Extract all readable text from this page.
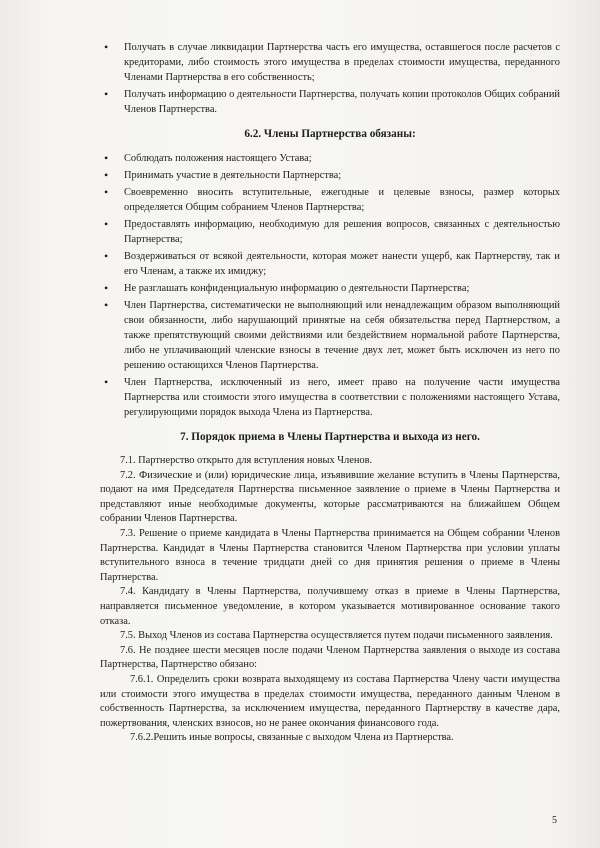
• Получать в случае ликвидации Партнерства часть его имущества, оставшегося после расчетов с кредиторами, либо стоимость этого имущества в пределах стоимости имущества, переданного Членами Партнерства в его собственность;
• Получать информацию о деятельности Партнерства, получать копии протоколов Общих собраний Членов Партнерства.
6.2. Члены Партнерства обязаны:
• Соблюдать положения настоящего Устава;
• Принимать участие в деятельности Партнерства;
• Своевременно вносить вступительные, ежегодные и целевые взносы, размер которых определяется Общим собранием Членов Партнерства;
• Предоставлять информацию, необходимую для решения вопросов, связанных с деятельностью Партнерства;
• Воздерживаться от всякой деятельности, которая может нанести ущерб, как Партнерству, так и его Членам, а также их имиджу;
• Не разглашать конфиденциальную информацию о деятельности Партнерства;
• Член Партнерства, систематически не выполняющий или ненадлежащим образом выполняющий свои обязанности, либо нарушающий принятые на себя обязательства перед Партнерством, а также препятствующий своими действиями или бездействием нормальной работе Партнерства, либо не уплачивающий членские взносы в течение двух лет, может быть исключен из него по решению остающихся Членов Партнерства.
• Член Партнерства, исключенный из него, имеет право на получение части имущества Партнерства или стоимости этого имущества в соответствии с положениями настоящего Устава, регулирующими порядок выхода Члена из Партнерства.
7. Порядок приема в Члены Партнерства и выхода из него.

7.1. Партнерство открыто для вступления новых Членов.

7.2. Физические и (или) юридические лица, изъявившие желание вступить в Члены Партнерства, подают на имя Председателя Партнерства письменное заявление о приеме в Члены Партнерства и представляют иные необходимые документы, которые рассматриваются на ближайшем Общем собрании Членов Партнерства.

7.3. Решение о приеме кандидата в Члены Партнерства принимается на Общем собрании Членов Партнерства. Кандидат в Члены Партнерства становится Членом Партнерства при условии уплаты вступительного взноса в течение тридцати дней со дня принятия решения о приеме в Члены Партнерства.

7.4. Кандидату в Члены Партнерства, получившему отказ в приеме в Члены Партнерства, направляется письменное уведомление, в котором указывается мотивированное основание такого отказа.

7.5. Выход Членов из состава Партнерства осуществляется путем подачи письменного заявления.

7.6. Не позднее шести месяцев после подачи Членом Партнерства заявления о выходе из состава Партнерства, Партнерство обязано:

7.6.1. Определить сроки возврата выходящему из состава Партнерства Члену части имущества или стоимости этого имущества в пределах стоимости имущества, переданного данным Членом в собственность Партнерства, за исключением имущества, переданного Партнерству в качестве дара, пожертвования, членских взносов, но не ранее окончания финансового года.

7.6.2.Решить иные вопросы, связанные с выходом Члена из Партнерства.

5
